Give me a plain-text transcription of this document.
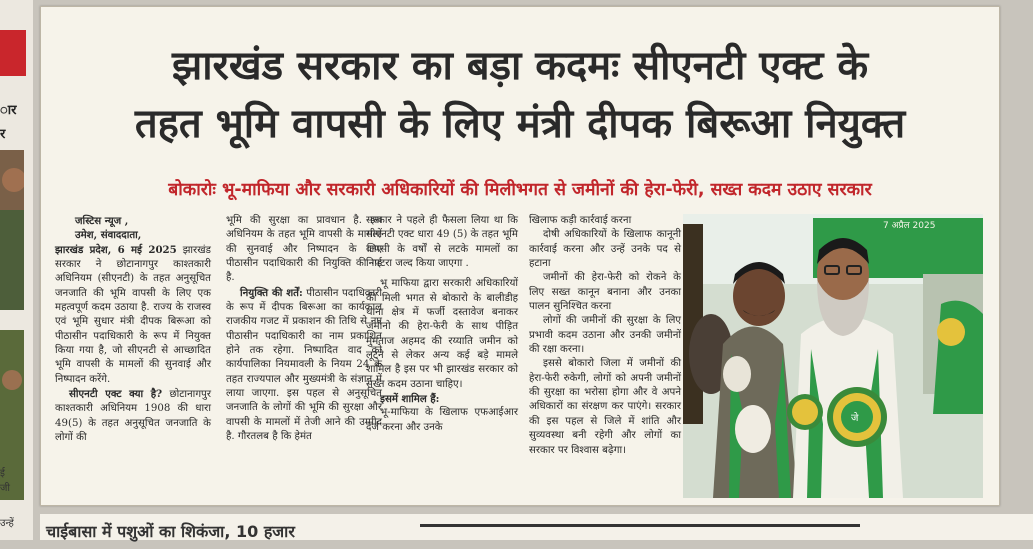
ार
र
ई
जी
उन्हें
झारखंड सरकार का बड़ा कदमः सीएनटी एक्ट के
तहत भूमि वापसी के लिए मंत्री दीपक बिरूआ नियुक्त
बोकारोः भू-माफिया और सरकारी अधिकारियों की मिलीभगत से जमीनों की हेरा-फेरी, सख्त कदम उठाए सरकार

जस्टिस न्यूज ,

उमेश, संवाददाता,

झारखंड प्रदेश, 6 मई 2025 झारखंड सरकार ने छोटानागपुर काश्तकारी अधिनियम (सीएनटी) के तहत अनुसूचित जनजाति की भूमि वापसी के लिए एक महत्वपूर्ण कदम उठाया है. राज्य के राजस्व एवं भूमि सुधार मंत्री दीपक बिरूआ को पीठासीन पदाधिकारी के रूप में नियुक्त किया गया है, जो सीएनटी से आच्छादित भूमि वापसी के मामलों की सुनवाई और निष्पादन करेंगे.

सीएनटी एक्ट क्या है? छोटानागपुर काश्तकारी अधिनियम 1908 की धारा 49(5) के तहत अनुसूचित जनजाति के लोगों की

भूमि की सुरक्षा का प्रावधान है. इस अधिनियम के तहत भूमि वापसी के मामलों की सुनवाई और निष्पादन के लिए पीठासीन पदाधिकारी की नियुक्ति की गई है.

नियुक्ति की शर्तें: पीठासीन पदाधिकारी के रूप में दीपक बिरूआ का कार्यकाल राजकीय गजट में प्रकाशन की तिथि से नए पीठासीन पदाधिकारी का नाम प्रकाशित होने तक रहेगा. निष्पादित वाद को कार्यपालिका नियमावली के नियम 24 के तहत राज्यपाल और मुख्यमंत्री के संज्ञान में लाया जाएगा. इस पहल से अनुसूचित जनजाति के लोगों की भूमि की सुरक्षा और वापसी के मामलों में तेजी आने की उम्मीद है. गौरतलब है कि हेमंत

सरकार ने पहले ही फैसला लिया था कि सीएनटी एक्ट धारा 49 (5) के तहत भूमि वापसी के वर्षों से लटके मामलों का निपटरा जल्द किया जाएगा .

भू माफिया द्वारा सरकारी अधिकारियों की मिली भगत से बोकारो के बालीडीह थाना क्षेत्र में फर्जी दस्तावेज बनाकर जमीनो की हेरा-फेरी के साथ पीड़ित मुमताज अहमद की रय्याति जमीन को लूटने से लेकर अन्य कई बड़े मामले शामिल है इस पर भी झारखंड सरकार को सख्त कदम उठाना चाहिए।

इसमें शामिल हैं:

भू-माफिया के खिलाफ एफआईआर दर्ज करना और उनके

खिलाफ कड़ी कार्रवाई करना

दोषी अधिकारियों के खिलाफ कानूनी कार्रवाई करना और उन्हें उनके पद से हटाना

जमीनों की हेरा-फेरी को रोकने के लिए सख्त कानून बनाना और उनका पालन सुनिश्चित करना

लोगों की जमीनों की सुरक्षा के लिए प्रभावी कदम उठाना और उनकी जमीनों की रक्षा करना।

इससे बोकारो जिला में जमीनों की हेरा-फेरी रुकेगी, लोगों को अपनी जमीनों की सुरक्षा का भरोसा होगा और वे अपने अधिकारों का संरक्षण कर पाएंगे। सरकार की इस पहल से जिले में शांति और सुव्यवस्था बनी रहेगी और लोगों का सरकार पर विश्वास बढ़ेगा।

7 अप्रैल 2025
जे
चाईबासा में पशुओं का शिकंजा, 10 हजार
